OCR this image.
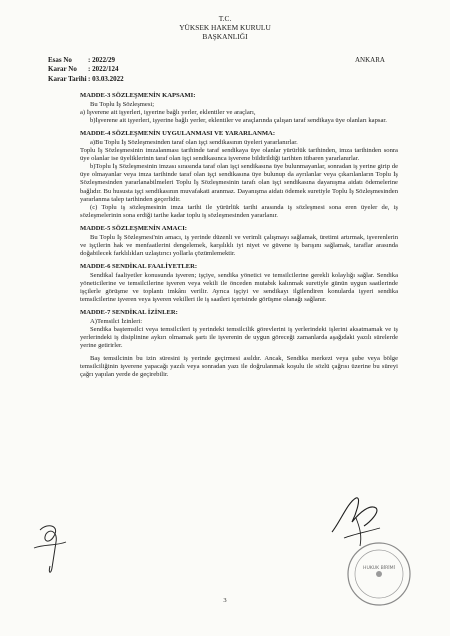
T.C.
YÜKSEK HAKEM KURULU
BAŞKANLIĞI
Esas No	: 2022/29
Karar No	: 2022/124
Karar Tarihi : 03.03.2022
ANKARA
MADDE-3 SÖZLEŞMENİN KAPSAMI:

Bu Toplu İş Sözleşmesi;

a) İşverene ait işyerleri, işyerine bağlı yerler, eklentiler ve araçları,

b)İşverene ait işyerleri, işyerine bağlı yerler, eklentiler ve araçlarında çalışan taraf sendikaya üye olanları kapsar.

MADDE-4 SÖZLEŞMENİN UYGULANMASI VE YARARLANMA:

a)Bu Toplu İş Sözleşmesinden taraf olan işçi sendikasının üyeleri yararlanırlar.

Toplu İş Sözleşmesinin imzalanması tarihinde taraf sendikaya üye olanlar yürürlük tarihinden, imza tarihinden sonra üye olanlar ise üyeliklerinin taraf olan işçi sendikasınca işverene bildirildiği tarihten itibaren yararlanırlar.

b)Toplu İş Sözleşmesinin imzası sırasında taraf olan işçi sendikasına üye bulunmayanlar, sonradan iş yerine girip de üye olmayanlar veya imza tarihinde taraf olan işçi sendikasına üye bulunup da ayrılanlar veya çıkarılanların Toplu İş Sözleşmesinden yararlanabilmeleri Toplu İş Sözleşmesinin tarafı olan işçi sendikasına dayanışma aidatı ödemelerine bağlıdır. Bu hususta işçi sendikasının muvafakati aranmaz. Dayanışma aidatı ödemek suretiyle Toplu İş Sözleşmesinden yararlanma talep tarihinden geçerlidir.

(c) Toplu iş sözleşmesinin imza tarihi ile yürürlük tarihi arasında iş sözleşmesi sona eren üyeler de, iş sözleşmelerinin sona erdiği tarihe kadar toplu iş sözleşmesinden yararlanır.

MADDE-5 SÖZLEŞMENİN AMACI:

Bu Toplu İş Sözleşmesi'nin amacı, iş yerinde düzenli ve verimli çalışmayı sağlamak, üretimi artırmak, işverenlerin ve işçilerin hak ve menfaatlerini dengelemek, karşılıklı iyi niyet ve güvene iş barışını sağlamak, taraflar arasında doğabilecek farklılıkları uzlaştırıcı yollarla çözümlemektir.

MADDE-6 SENDİKAL FAALİYETLER:

Sendikal faaliyetler konusunda işveren; işçiye, sendika yönetici ve temsilcilerine gerekli kolaylığı sağlar. Sendika yöneticilerine ve temsilcilerine işveren veya vekili ile önceden mutabık kalınmak suretiyle günün uygun saatlerinde işçilerle görüşme ve toplantı imkânı verilir. Ayrıca işçiyi ve sendikayı ilgilendiren konularda işyeri sendika temsilcilerine işveren veya işveren vekilleri ile iş saatleri içerisinde görüşme olanağı sağlanır.

MADDE-7 SENDİKAL İZİNLER:

A)Temsilci İzinleri:

Sendika baştemsilci veya temsilcileri iş yerindeki temsilcilik görevlerini iş yerlerindeki işlerini aksatmamak ve iş yerlerindeki iş disiplinine aykırı olmamak şartı ile işverenin de uygun göreceği zamanlarda aşağıdaki yazılı sürelerde yerine getirirler.

Baş temsilcinin bu izin süresini iş yerinde geçirmesi asıldır. Ancak, Sendika merkezi veya şube veya bölge temsilciliğinin işverene yapacağı yazılı veya sonradan yazı ile doğrulanmak koşulu ile sözlü çağrısı üzerine bu süreyi çağrı yapılan yerde de geçirebilir.

HUKUK BİRİMİ
3
